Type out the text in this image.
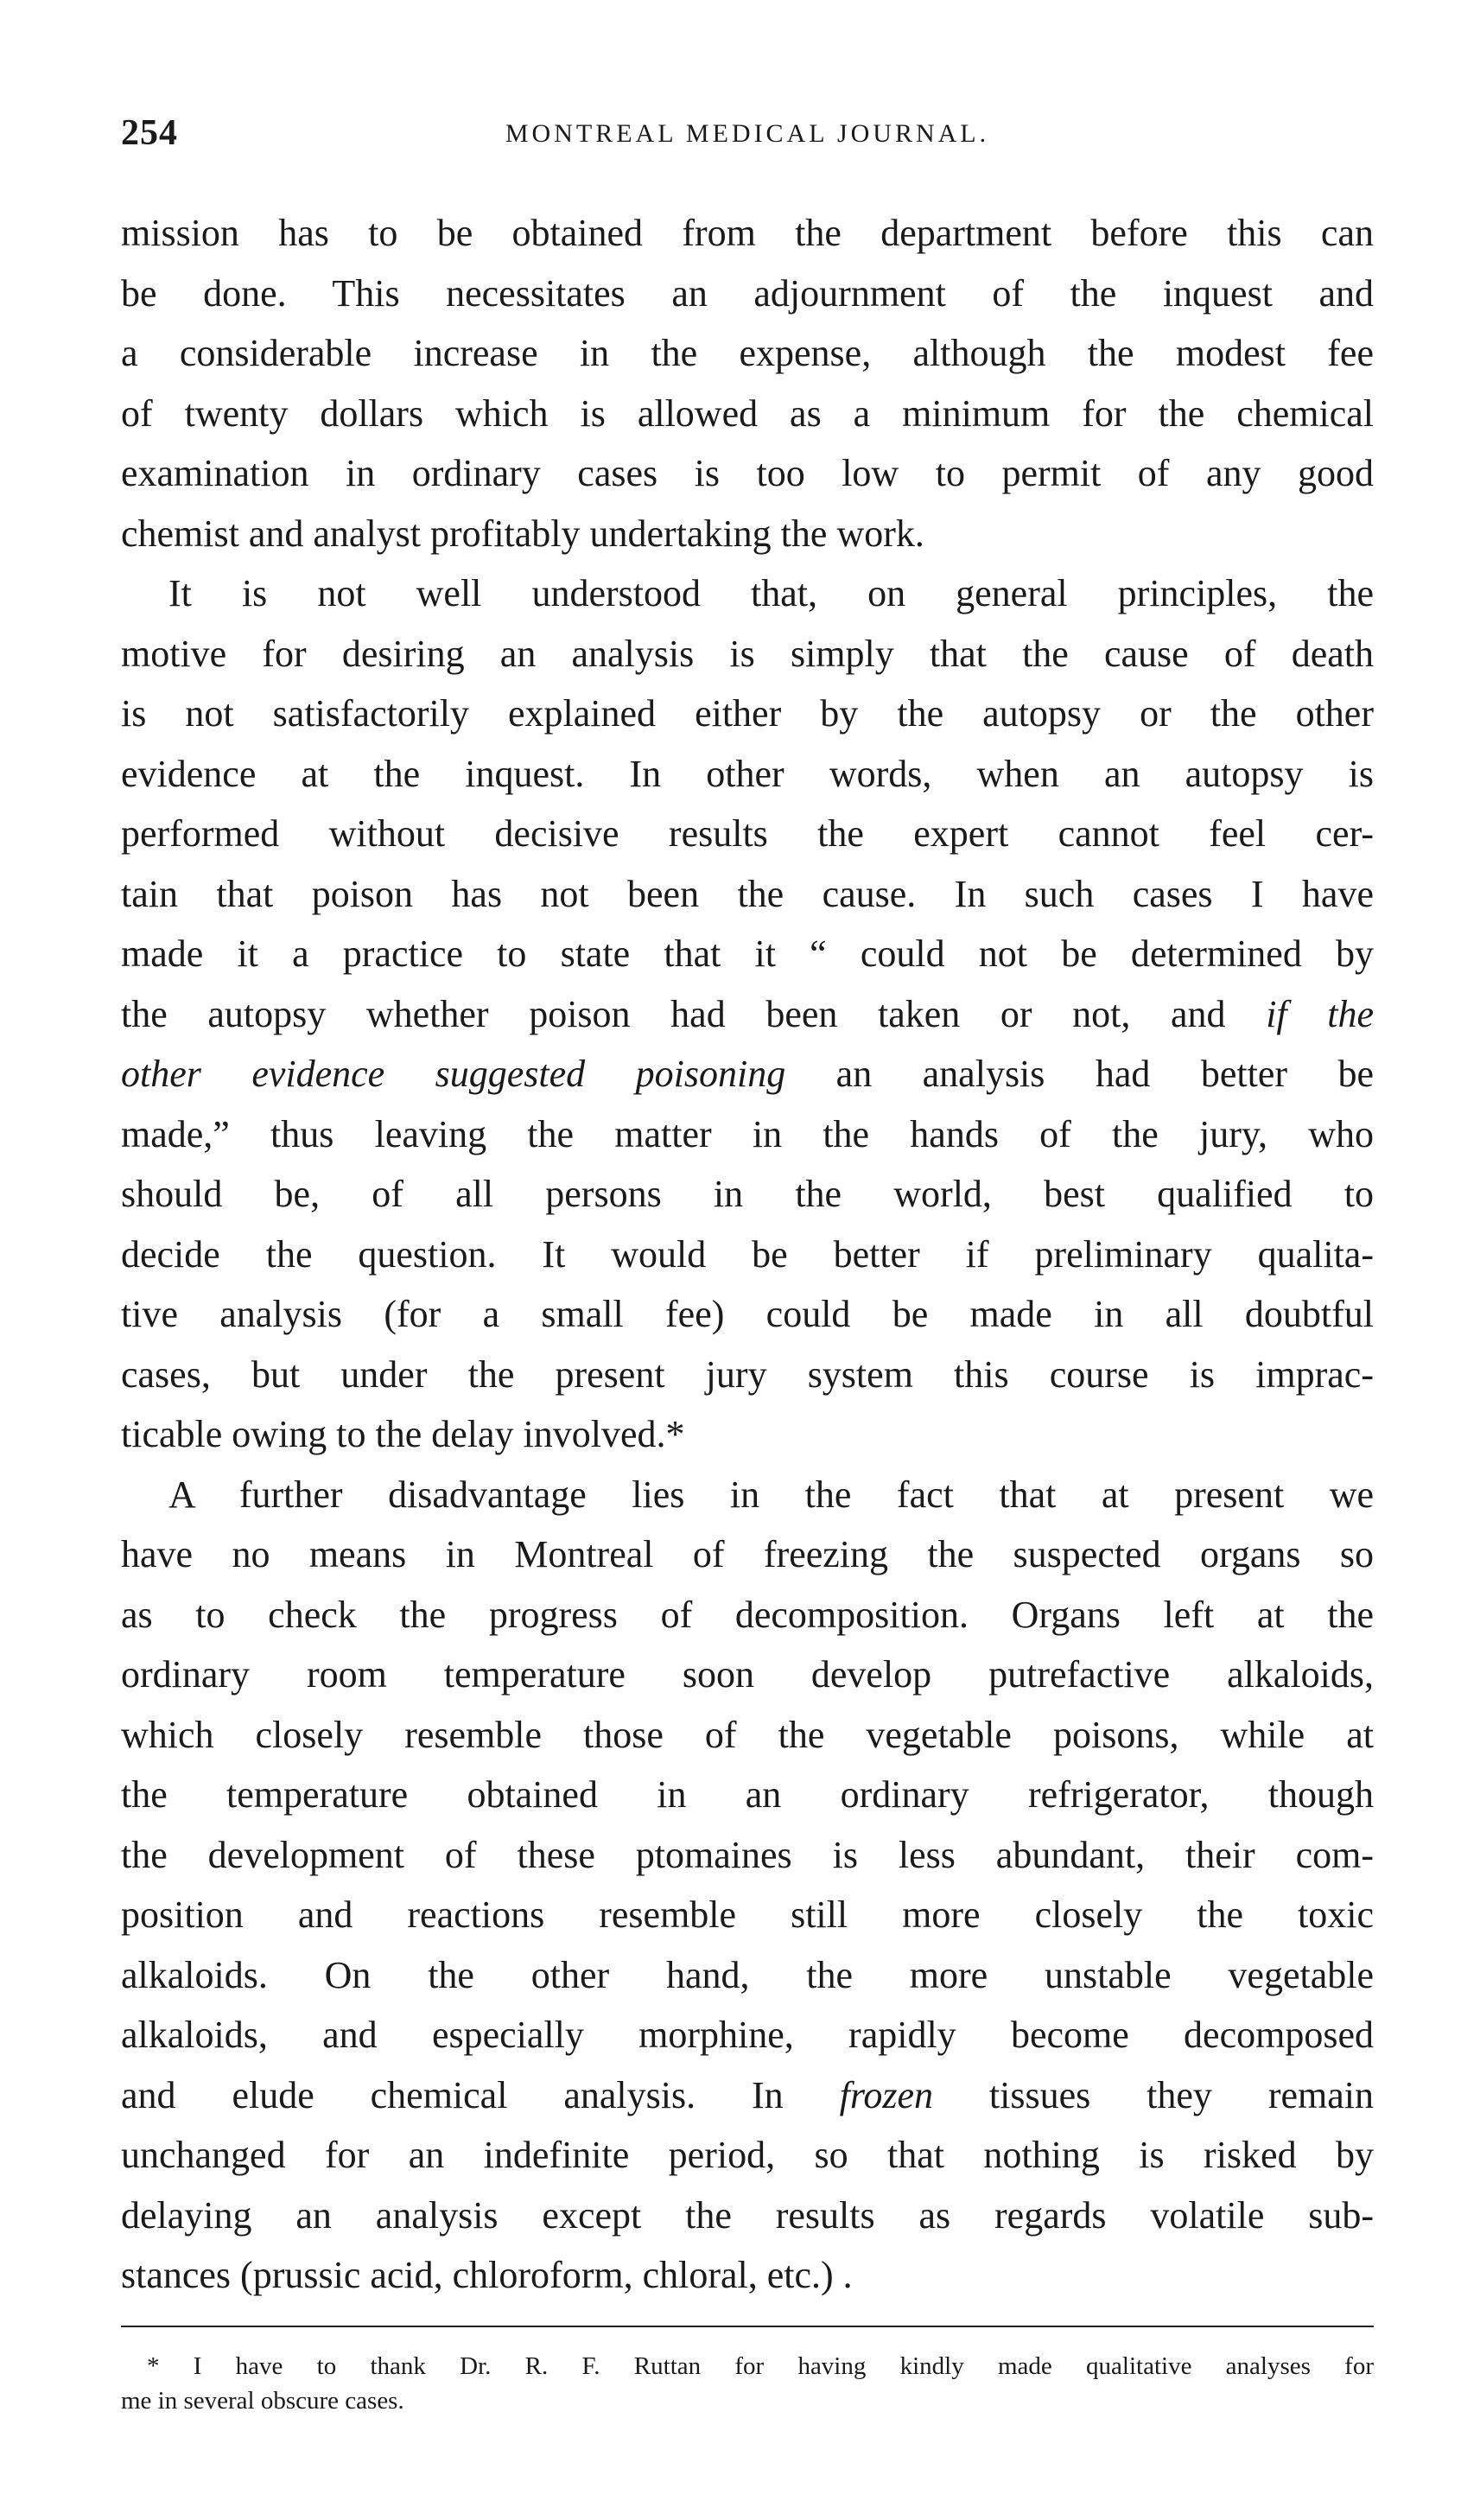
254	MONTREAL MEDICAL JOURNAL.
mission has to be obtained from the department before this can
be done. This necessitates an adjournment of the inquest and
a considerable increase in the expense, although the modest fee
of twenty dollars which is allowed as a minimum for the chemical
examination in ordinary cases is too low to permit of any good
chemist and analyst profitably undertaking the work.
It is not well understood that, on general principles, the
motive for desiring an analysis is simply that the cause of death
is not satisfactorily explained either by the autopsy or the other
evidence at the inquest. In other words, when an autopsy is
performed without decisive results the expert cannot feel cer-
tain that poison has not been the cause. In such cases I have
made it a practice to state that it “ could not be determined by
the autopsy whether poison had been taken or not, and if the
other evidence suggested poisoning an analysis had better be
made,” thus leaving the matter in the hands of the jury, who
should be, of all persons in the world, best qualified to
decide the question. It would be better if preliminary qualita-
tive analysis (for a small fee) could be made in all doubtful
cases, but under the present jury system this course is imprac-
ticable owing to the delay involved.*
A further disadvantage lies in the fact that at present we
have no means in Montreal of freezing the suspected organs so
as to check the progress of decomposition. Organs left at the
ordinary room temperature soon develop putrefactive alkaloids,
which closely resemble those of the vegetable poisons, while at
the temperature obtained in an ordinary refrigerator, though
the development of these ptomaines is less abundant, their com-
position and reactions resemble still more closely the toxic
alkaloids. On the other hand, the more unstable vegetable
alkaloids, and especially morphine, rapidly become decomposed
and elude chemical analysis. In frozen tissues they remain
unchanged for an indefinite period, so that nothing is risked by
delaying an analysis except the results as regards volatile sub-
stances (prussic acid, chloroform, chloral, etc.) .
* I have to thank Dr. R. F. Ruttan for having kindly made qualitative analyses for
me in several obscure cases.
